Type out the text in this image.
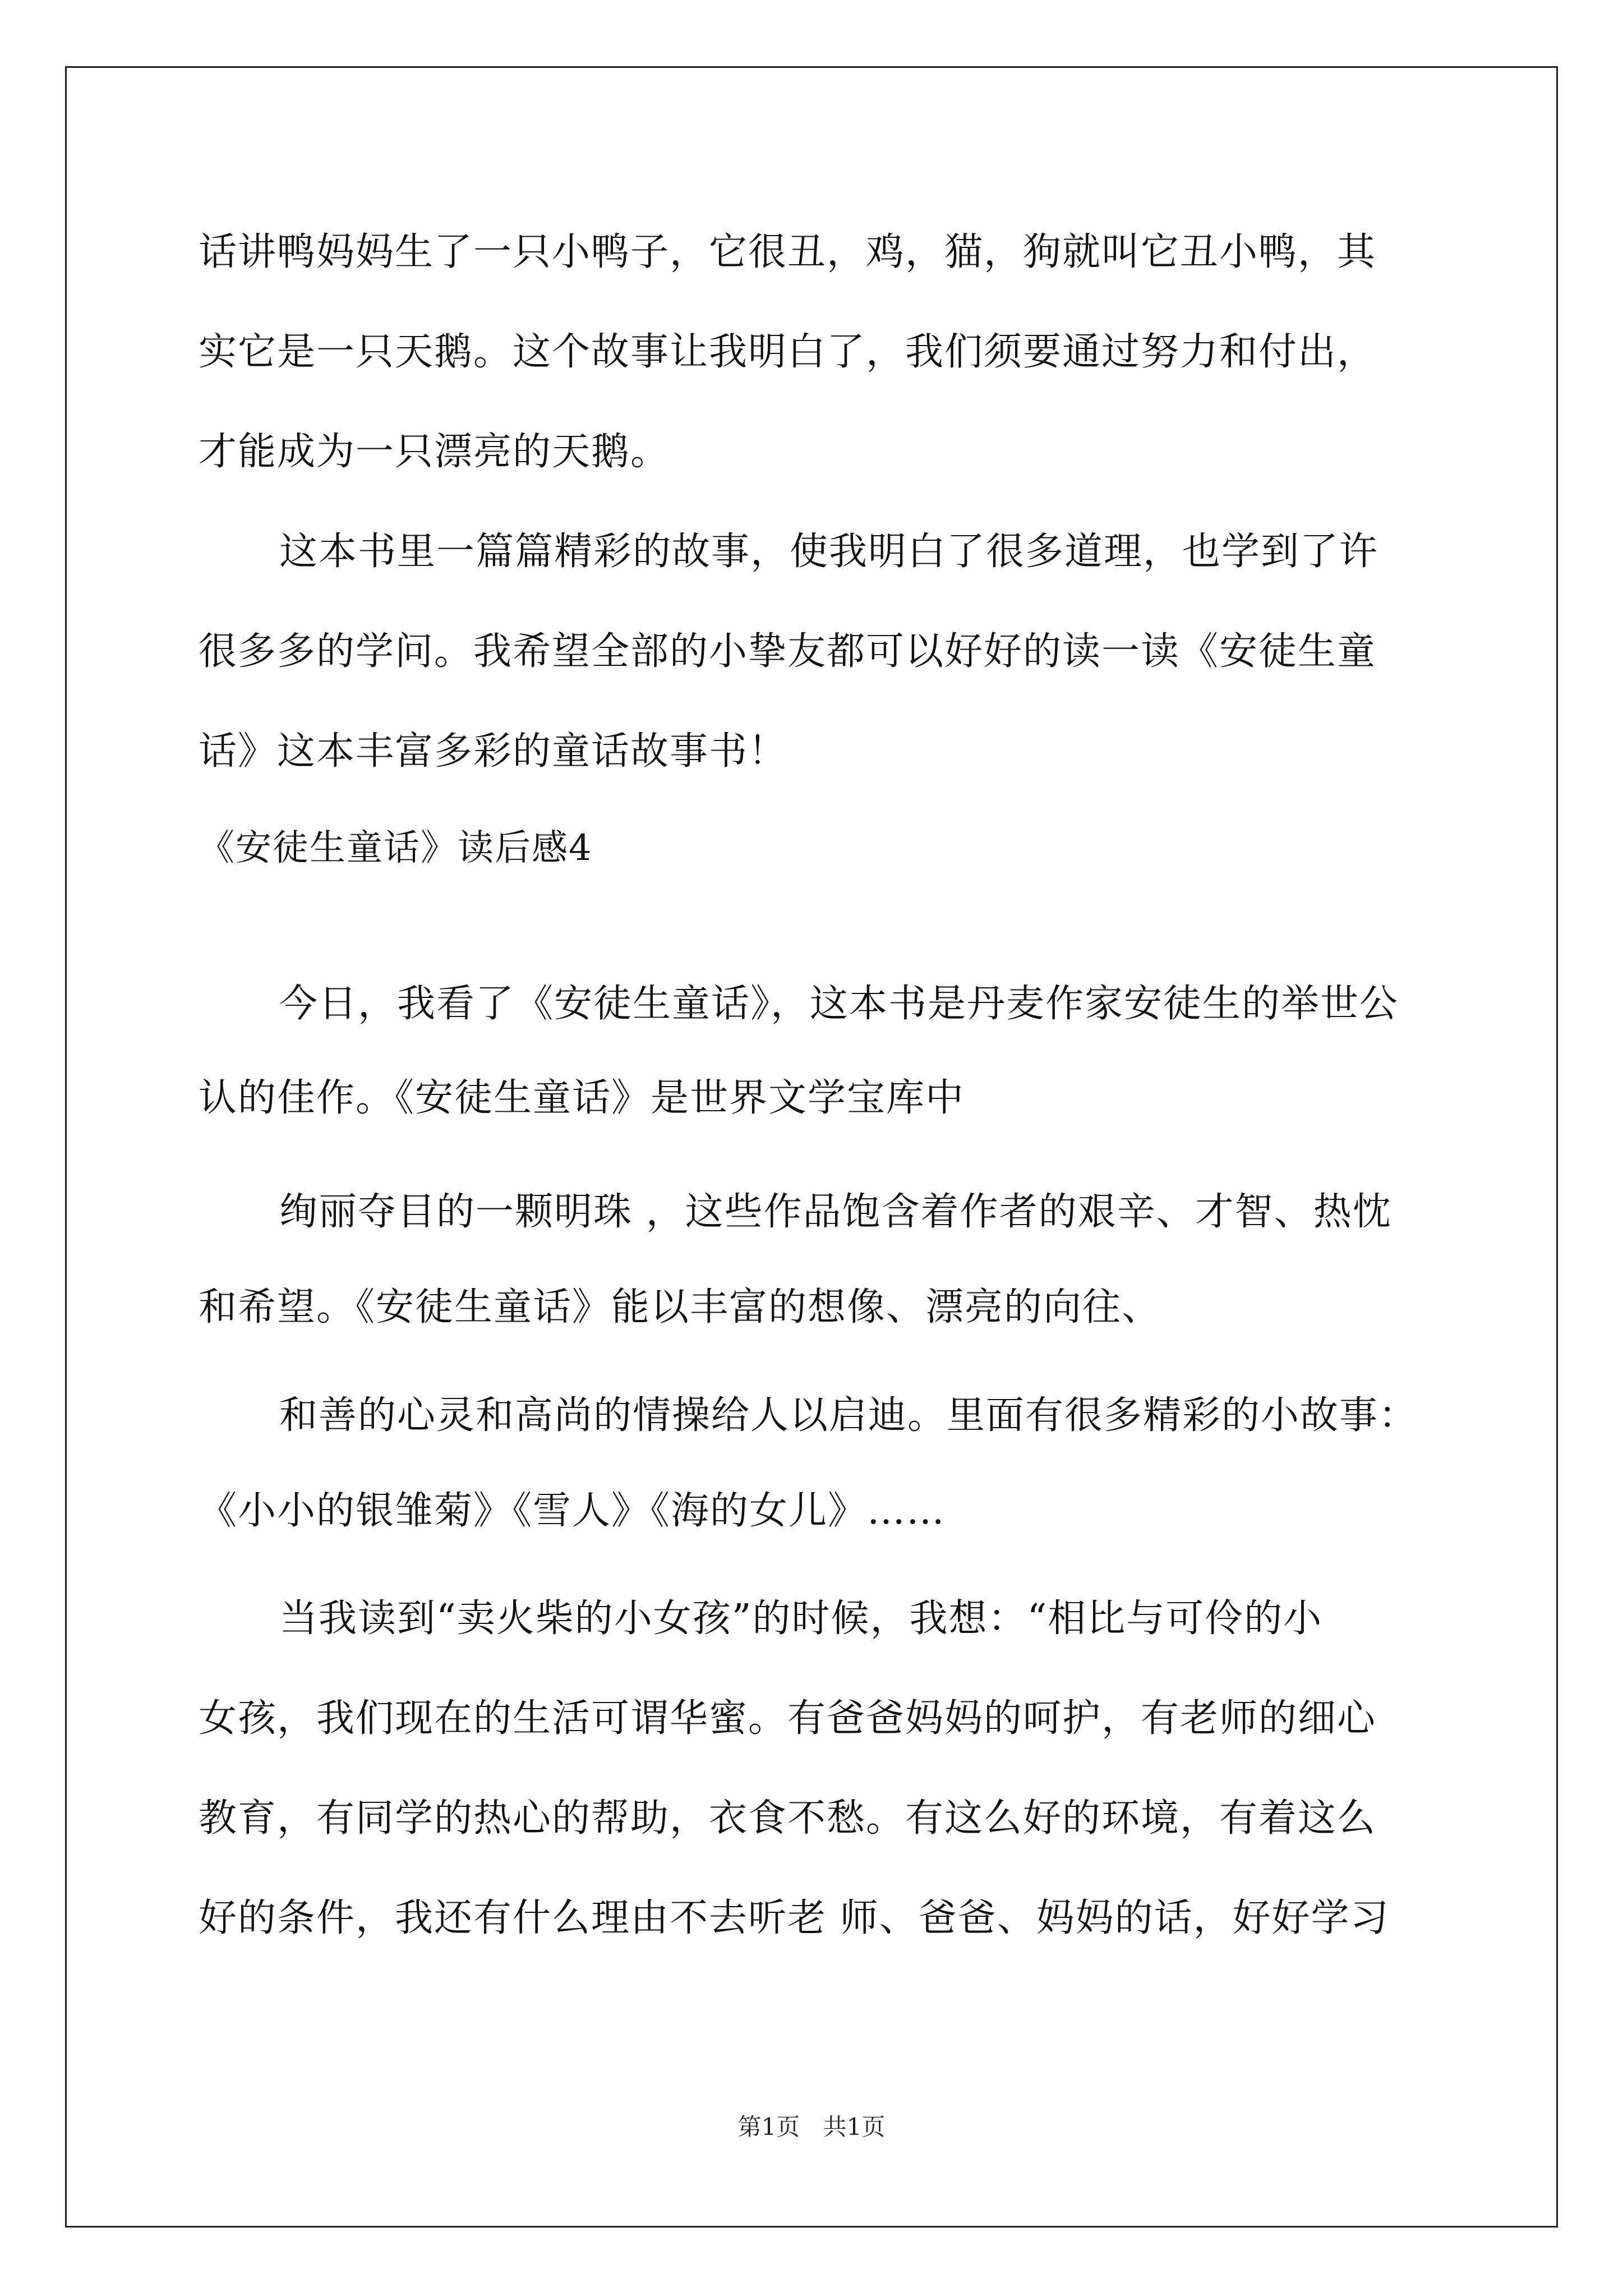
话讲鸭妈妈生了一只小鸭子，它很丑，鸡，猫，狗就叫它丑小鸭，其
实它是一只天鹅。这个故事让我明白了，我们须要通过努力和付出，
才能成为一只漂亮的天鹅。
这本书里一篇篇精彩的故事，使我明白了很多道理，也学到了许
很多多的学问。我希望全部的小挚友都可以好好的读一读《安徒生童
话》这本丰富多彩的童话故事书！
《安徒生童话》读后感4
今日，我看了《安徒生童话》，这本书是丹麦作家安徒生的举世公
认的佳作。《安徒生童话》是世界文学宝库中
绚丽夺目的一颗明珠 ，这些作品饱含着作者的艰辛、才智、热忱
和希望。《安徒生童话》能以丰富的想像、漂亮的向往、
和善的心灵和高尚的情操给人以启迪。里面有很多精彩的小故事：
《小小的银雏菊》《雪人》《海的女儿》……
当我读到“卖火柴的小女孩”的时候，我想：“相比与可伶的小
女孩，我们现在的生活可谓华蜜。有爸爸妈妈的呵护，有老师的细心
教育，有同学的热心的帮助，衣食不愁。有这么好的环境，有着这么
好的条件，我还有什么理由不去听老 师、爸爸、妈妈的话，好好学习
第1页 共1页
